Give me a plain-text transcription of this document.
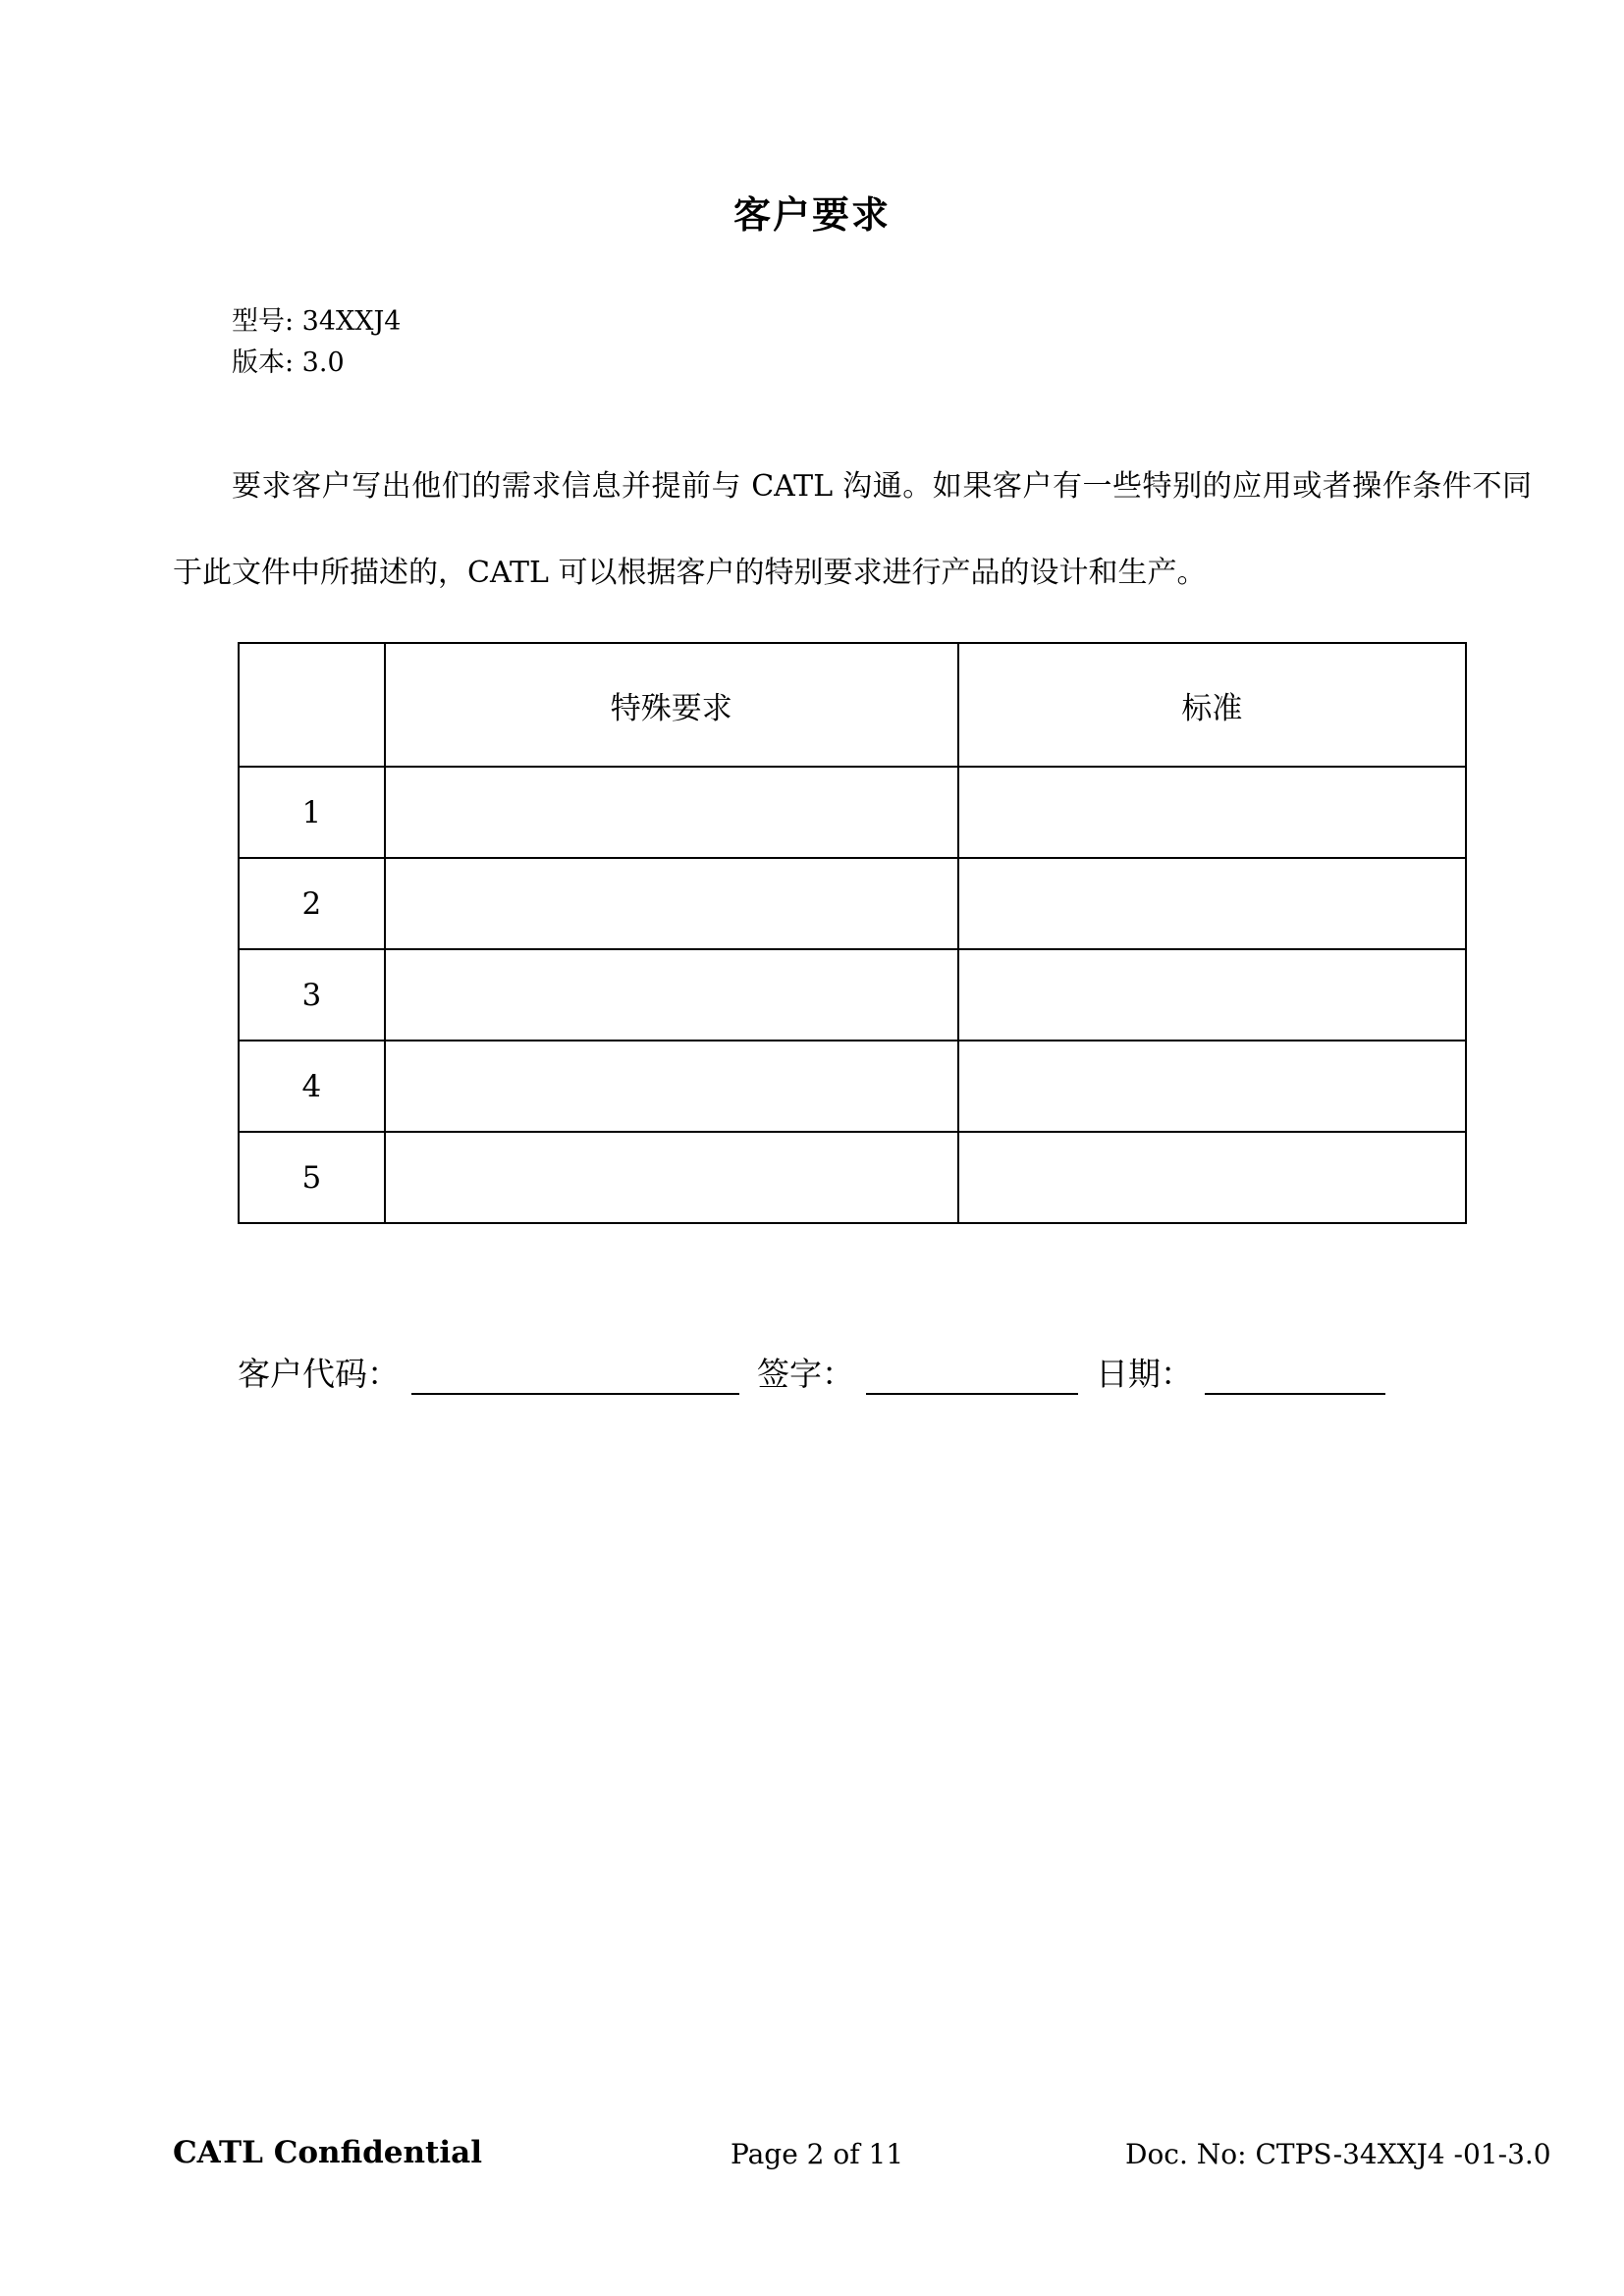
客户要求
型号: 34XXJ4
版本: 3.0
要求客户写出他们的需求信息并提前与 CATL 沟通。如果客户有一些特别的应用或者操作条件不同于此文件中所描述的，CATL 可以根据客户的特别要求进行产品的设计和生产。
	特殊要求	标准
1		
2		
3		
4		
5		
客户代码：	签字：	日期：
CATL Confidential	Page 2 of 11	Doc. No: CTPS-34XXJ4 -01-3.0
